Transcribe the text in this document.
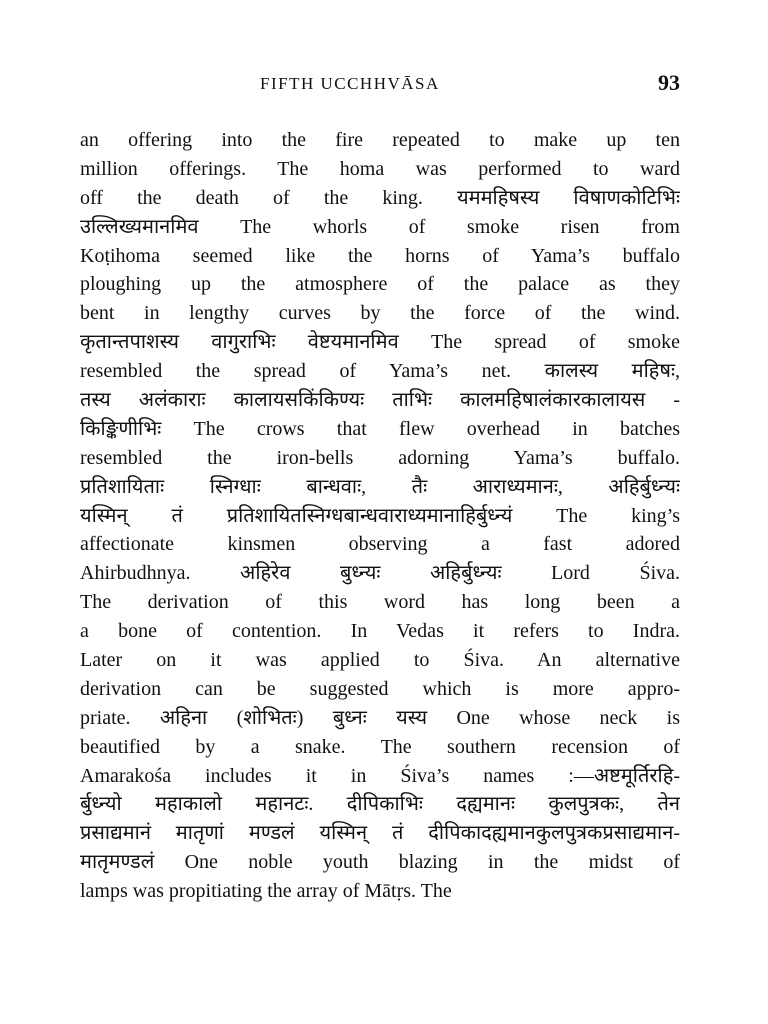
FIFTH UCCHHVĀSA	93
an offering into the fire repeated to make up ten
million offerings. The homa was performed to ward
off the death of the king. यममहिषस्य विषाणकोटिभिः
उल्लिख्यमानमिव The whorls of smoke risen from
Koṭihoma seemed like the horns of Yama’s buffalo
ploughing up the atmosphere of the palace as they
bent in lengthy curves by the force of the wind.
कृतान्तपाशस्य वागुराभिः वेष्टयमानमिव The spread of smoke
resembled the spread of Yama’s net. कालस्य महिषः,
तस्य अलंकाराः कालायसकिंकिण्यः ताभिः कालमहिषालंकारकालायस -
किङ्किणीभिः The crows that flew overhead in batches
resembled the iron-bells adorning Yama’s buffalo.
प्रतिशायिताः स्निग्धाः बान्धवाः, तैः आराध्यमानः, अहिर्बुध्न्यः
यस्मिन् तं प्रतिशायितस्निग्धबान्धवाराध्यमानाहिर्बुध्न्यं The king’s
affectionate kinsmen observing a fast adored
Ahirbudhnya. अहिरेव बुध्न्यः अहिर्बुध्न्यः Lord Śiva.
The derivation of this word has long been a
a bone of contention. In Vedas it refers to Indra.
Later on it was applied to Śiva. An alternative
derivation can be suggested which is more appro-
priate. अहिना (शोभितः) बुध्नः यस्य One whose neck is
beautified by a snake. The southern recension of
Amarakośa includes it in Śiva’s names :—अष्टमूर्तिरहि-
र्बुध्न्यो महाकालो महानटः. दीपिकाभिः दह्यमानः कुलपुत्रकः, तेन
प्रसाद्यमानं मातृणां मण्डलं यस्मिन् तं दीपिकादह्यमानकुलपुत्रकप्रसाद्यमान-
मातृमण्डलं One noble youth blazing in the midst of
lamps was propitiating the array of Mātṛs. The
